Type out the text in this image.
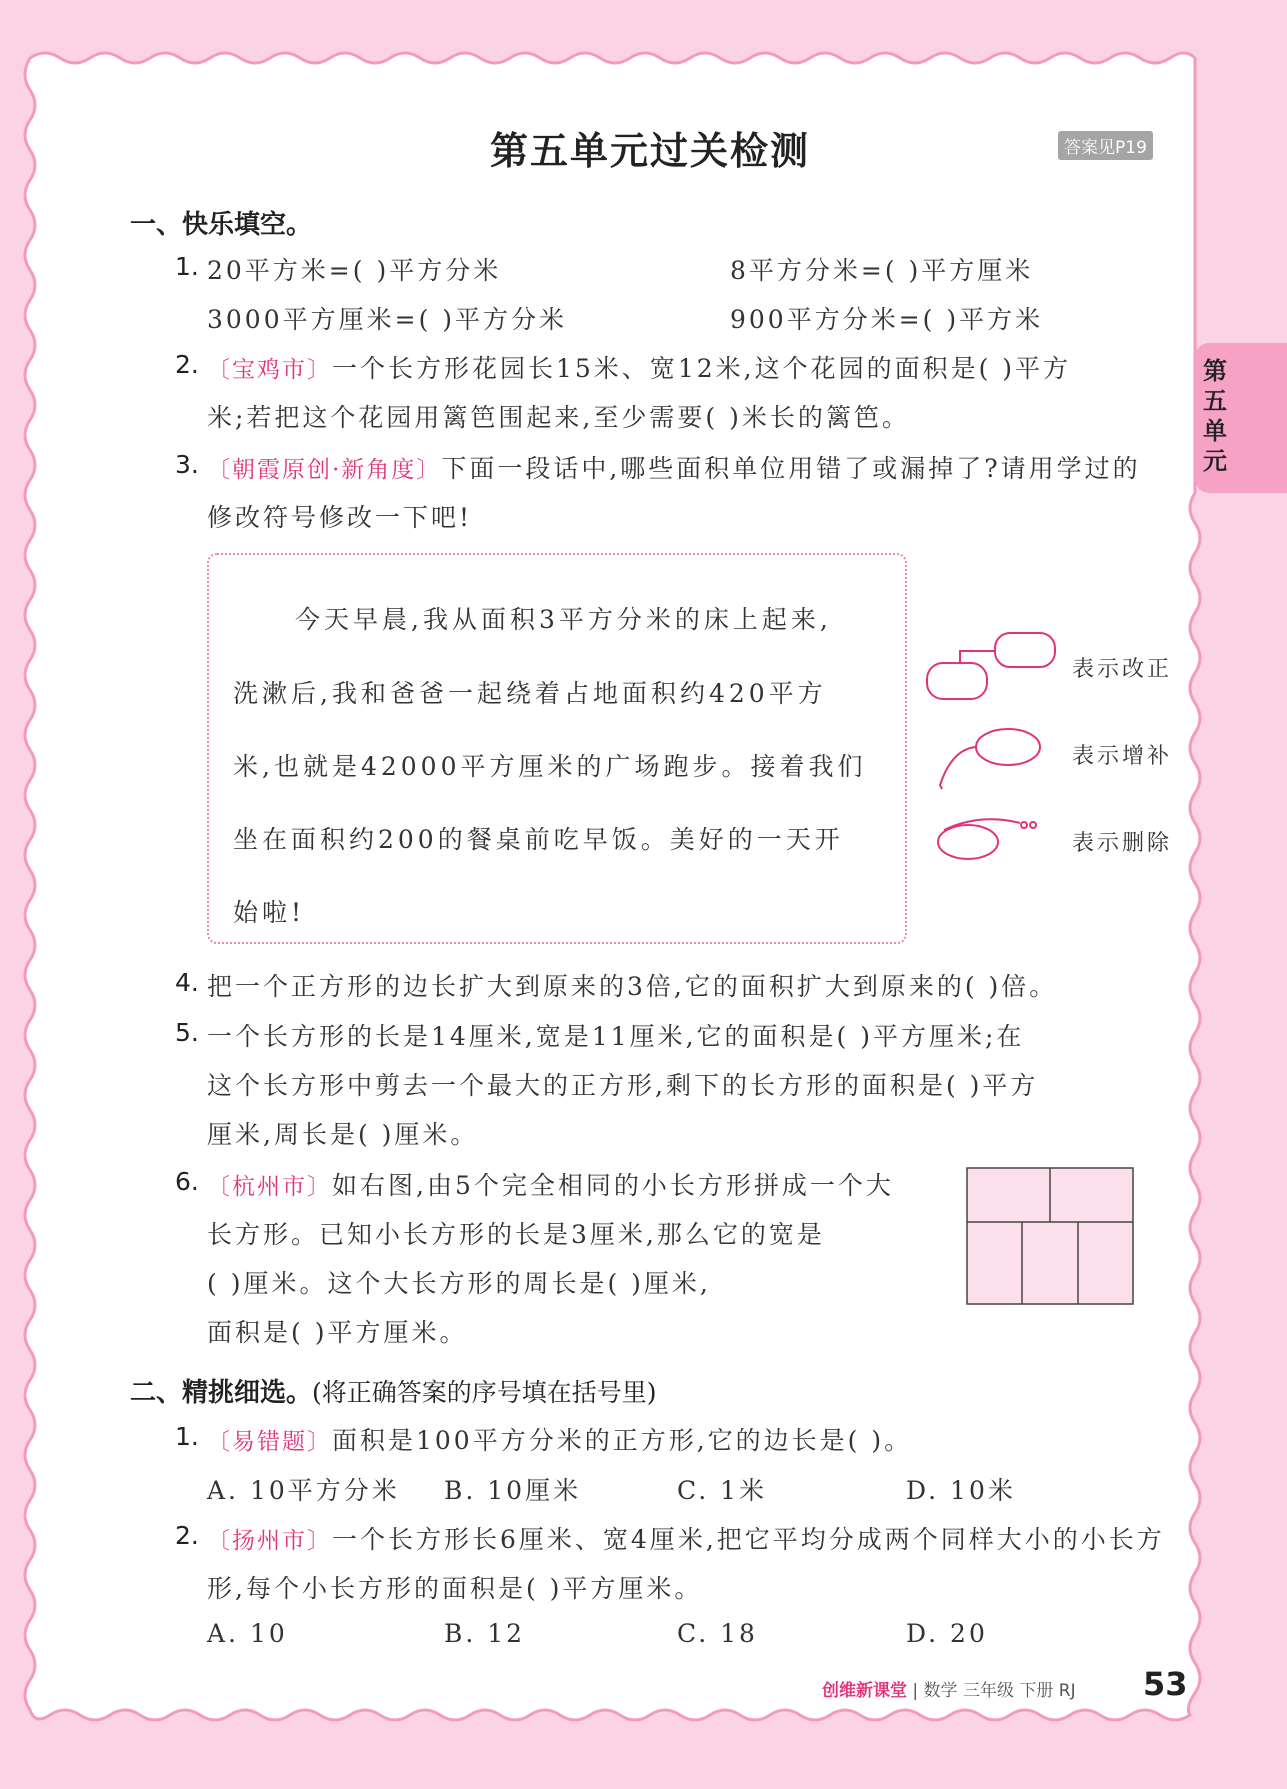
第五单元
第五单元过关检测	答案见P19
一、快乐填空。
1. 20平方米=( )平方分米	8平方分米=( )平方厘米
3000平方厘米=( )平方分米	900平方分米=( )平方米
2. 〔宝鸡市〕一个长方形花园长15米、宽12米,这个花园的面积是( )平方
米;若把这个花园用篱笆围起来,至少需要( )米长的篱笆。
3. 〔朝霞原创·新角度〕下面一段话中,哪些面积单位用错了或漏掉了?请用学过的
修改符号修改一下吧!
今天早晨,我从面积3平方分米的床上起来,
洗漱后,我和爸爸一起绕着占地面积约420平方
米,也就是42000平方厘米的广场跑步。接着我们
坐在面积约200的餐桌前吃早饭。美好的一天开
始啦!
表示改正
表示增补
表示删除
4. 把一个正方形的边长扩大到原来的3倍,它的面积扩大到原来的( )倍。
5. 一个长方形的长是14厘米,宽是11厘米,它的面积是( )平方厘米;在
这个长方形中剪去一个最大的正方形,剩下的长方形的面积是( )平方
厘米,周长是( )厘米。
6. 〔杭州市〕如右图,由5个完全相同的小长方形拼成一个大
长方形。已知小长方形的长是3厘米,那么它的宽是
( )厘米。这个大长方形的周长是( )厘米,
面积是( )平方厘米。
二、精挑细选。(将正确答案的序号填在括号里)
1. 〔易错题〕面积是100平方分米的正方形,它的边长是( )。
A. 10平方分米 B. 10厘米	C. 1米	D. 10米
2. 〔扬州市〕一个长方形长6厘米、宽4厘米,把它平均分成两个同样大小的小长方
形,每个小长方形的面积是( )平方厘米。
A. 10	B. 12	C. 18	D. 20
创维新课堂 | 数学 三年级 下册 RJ 53
